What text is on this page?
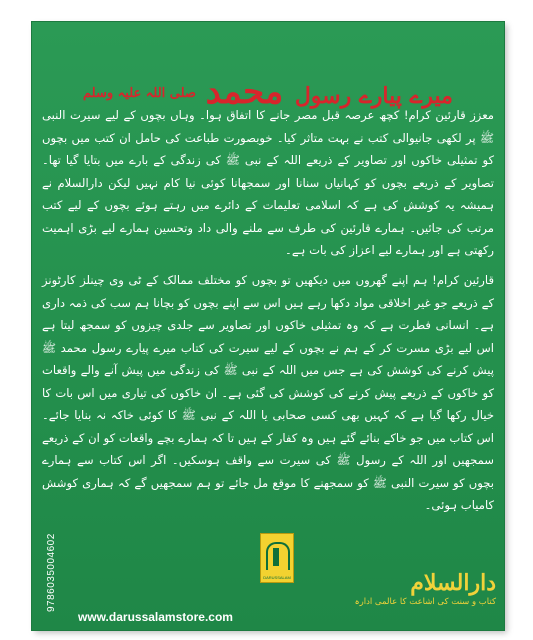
میرے پیارے رسول محمد $^{صلی اللہ علیہ وسلم}$

معزز قارئین کرام! کچھ عرصہ قبل مصر جانے کا اتفاق ہوا۔ وہاں بچوں کے لیے سیرت النبی ﷺ پر لکھی جانیوالی کتب نے بہت متاثر کیا۔ خوبصورت طباعت کی حامل ان کتب میں بچوں کو تمثیلی خاکوں اور تصاویر کے ذریعے اللہ کے نبی ﷺ کی زندگی کے بارے میں بتایا گیا تھا۔ تصاویر کے ذریعے بچوں کو کہانیاں سنانا اور سمجھانا کوئی نیا کام نہیں لیکن دارالسلام نے ہمیشہ یہ کوشش کی ہے کہ اسلامی تعلیمات کے دائرے میں رہتے ہوئے بچوں کے لیے کتب مرتب کی جائیں۔ ہمارے قارئین کی طرف سے ملنے والی داد وتحسین ہمارے لیے بڑی اہمیت رکھتی ہے اور ہمارے لیے اعزاز کی بات ہے۔

قارئین کرام! ہم اپنے گھروں میں دیکھیں تو بچوں کو مختلف ممالک کے ٹی وی چینلز کارٹونز کے ذریعے جو غیر اخلاقی مواد دکھا رہے ہیں اس سے اپنے بچوں کو بچانا ہم سب کی ذمہ داری ہے۔ انسانی فطرت ہے کہ وہ تمثیلی خاکوں اور تصاویر سے جلدی چیزوں کو سمجھ لیتا ہے اس لیے بڑی مسرت کر کے ہم نے بچوں کے لیے سیرت کی کتاب میرے پیارے رسول محمد ﷺ پیش کرنے کی کوشش کی ہے جس میں اللہ کے نبی ﷺ کی زندگی میں پیش آنے والے واقعات کو خاکوں کے ذریعے پیش کرنے کی کوشش کی گئی ہے۔ ان خاکوں کی تیاری میں اس بات کا خیال رکھا گیا ہے کہ کہیں بھی کسی صحابی یا اللہ کے نبی ﷺ کا کوئی خاکہ نہ بنایا جائے۔ اس کتاب میں جو خاکے بنائے گئے ہیں وہ کفار کے ہیں تا کہ ہمارے بچے واقعات کو ان کے ذریعے سمجھیں اور اللہ کے رسول ﷺ کی سیرت سے واقف ہوسکیں۔ اگر اس کتاب سے ہمارے بچوں کو سیرت النبی ﷺ کو سمجھنے کا موقع مل جائے تو ہم سمجھیں گے کہ ہماری کوشش کامیاب ہوئی۔

9786035004602	DARUSSALAM
www.darussalamstore.com
دارالسلام
کتاب و سنت کی اشاعت کا عالمی ادارہ
